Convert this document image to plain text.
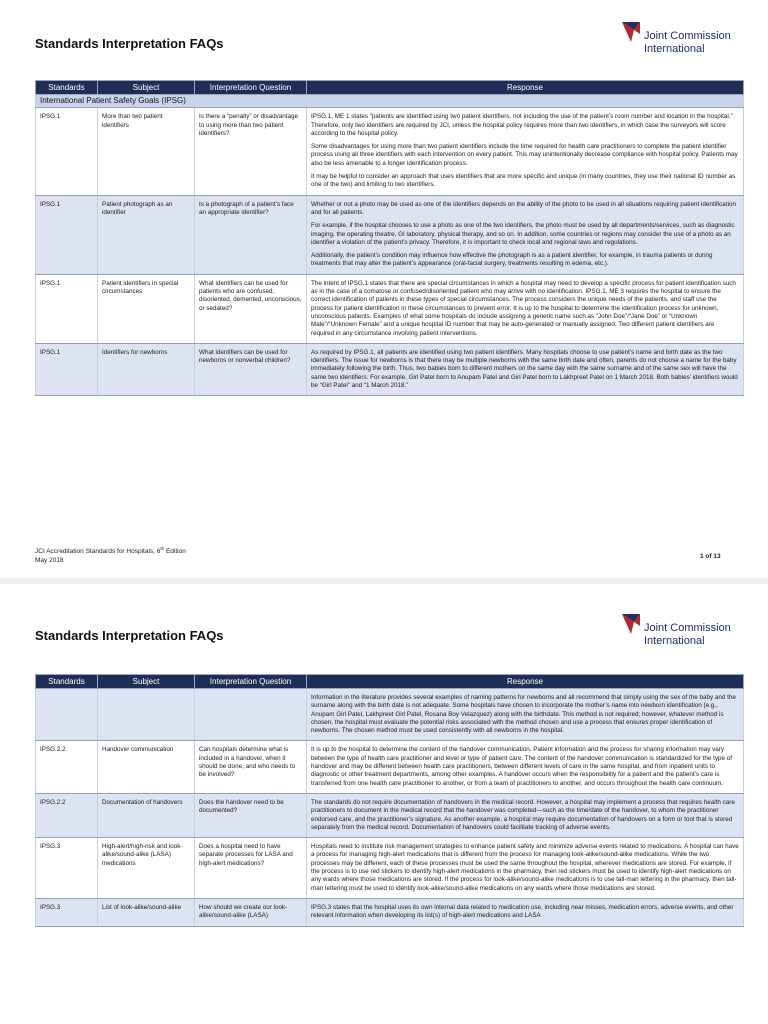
Standards Interpretation FAQs	Joint Commission
International
Standards	Subject	Interpretation Question	Response
International Patient Safety Goals (IPSG)			
IPSG.1	More than two patient identifiers	Is there a “penalty” or disadvantage to using more than two patient identifiers?	IPSG.1, ME 1 states “patients are identified using two patient identifiers, not including the use of the patient’s room number and location in the hospital.” Therefore, only two identifiers are required by JCI, unless the hospital policy requires more than two identifiers, in which case the surveyors will score according to the hospital policy.

Some disadvantages for using more than two patient identifiers include the time required for health care practitioners to complete the patient identifier process using all three identifiers with each intervention on every patient. This may unintentionally decrease compliance with hospital policy. Patients may also be less amenable to a longer identification process.

It may be helpful to consider an approach that uses identifiers that are more specific and unique (in many countries, they use their national ID number as one of the two) and limiting to two identifiers.

IPSG.1	Patient photograph as an identifier	Is a photograph of a patient’s face an appropriate identifier?	Whether or not a photo may be used as one of the identifiers depends on the ability of the photo to be used in all situations requiring patient identification and for all patients.

For example, if the hospital chooses to use a photo as one of the two identifiers, the photo must be used by all departments/services, such as diagnostic imaging, the operating theatre, GI laboratory, physical therapy, and so on. In addition, some countries or regions may consider the use of a photo as an identifier a violation of the patient’s privacy. Therefore, it is important to check local and regional laws and regulations.

Additionally, the patient’s condition may influence how effective the photograph is as a patient identifier, for example, in trauma patients or during treatments that may alter the patient’s appearance (oral-facial surgery, treatments resulting in edema, etc.).

IPSG.1	Patient identifiers in special circumstances	What identifiers can be used for patients who are confused, disoriented, demented, unconscious, or sedated?	The intent of IPSG.1 states that there are special circumstances in which a hospital may need to develop a specific process for patient identification such as in the case of a comatose or confused/disoriented patient who may arrive with no identification. IPSG.1, ME 3 requires the hospital to ensure the correct identification of patients in these types of special circumstances. The process considers the unique needs of the patients, and staff use the process for patient identification in these circumstances to prevent error. It is up to the hospital to determine the identification process for unknown, unconscious patients. Examples of what some hospitals do include assigning a generic name such as “John Doe”/“Jane Doe” or “Unknown Male”/“Unknown Female” and a unique hospital ID number that may be auto-generated or manually assigned. Two different patient identifiers are required in any circumstance involving patient interventions.

IPSG.1	Identifiers for newborns	What identifiers can be used for newborns or nonverbal children?	As required by IPSG.1, all patients are identified using two patient identifiers. Many hospitals choose to use patient’s name and birth date as the two identifiers. The issue for newborns is that there may be multiple newborns with the same birth date and often, parents do not choose a name for the baby immediately following the birth. Thus, two babies born to different mothers on the same day with the same surname and of the same sex will have the same two identifiers. For example, Girl Patel born to Anupam Patel and Girl Patel born to Lakhpreet Patel on 1 March 2018. Both babies’ identifiers would be “Girl Patel” and “1 March 2018.”

JCI Accreditation Standards for Hospitals, 6th Edition
May 2018
1 of 13
Standards Interpretation FAQs	Joint Commission
International
Standards	Subject	Interpretation Question	Response

			Information in the literature provides several examples of naming patterns for newborns and all recommend that simply using the sex of the baby and the surname along with the birth date is not adequate. Some hospitals have chosen to incorporate the mother’s name into newborn identification (e.g., Anupam Girl Patel, Lakhpreet Girl Patel, Rosana Boy Velazquez) along with the birthdate. This method is not required; however, whatever method is chosen, the hospital must evaluate the potential risks associated with the method chosen and use a process that ensures proper identification of newborns. The chosen method must be used consistently with all newborns in the hospital.

IPSG.2.2	Handover communication	Can hospitals determine what is included in a handover, when it should be done, and who needs to be involved?	It is up to the hospital to determine the content of the handover communication. Patient information and the process for sharing information may vary between the type of health care practitioner and level or type of patient care. The content of the handover communication is standardized for the type of handover and may be different between health care practitioners, between different levels of care in the same hospital, and from inpatient units to diagnostic or other treatment departments, among other examples. A handover occurs when the responsibility for a patient and the patient’s care is transferred from one health care practitioner to another, or from a team of practitioners to another, and occurs throughout the health care continuum.

IPSG.2.2	Documentation of handovers	Does the handover need to be documented?	The standards do not require documentation of handovers in the medical record. However, a hospital may implement a process that requires health care practitioners to document in the medical record that the handover was completed—such as the time/date of the handover, to whom the practitioner endorsed care, and the practitioner’s signature. As another example, a hospital may require documentation of handovers on a form or tool that is stored separately from the medical record. Documentation of handovers could facilitate tracking of adverse events.

IPSG.3	High-alert/high-risk and look-alike/sound-alike (LASA) medications	Does a hospital need to have separate processes for LASA and high-alert medications?	Hospitals need to institute risk management strategies to enhance patient safety and minimize adverse events related to medications. A hospital can have a process for managing high-alert medications that is different from the process for managing look-alike/sound-alike medications. While the two processes may be different, each of these processes must be used the same throughout the hospital, wherever medications are stored. For example, if the process is to use red stickers to identify high-alert medications in the pharmacy, then red stickers must be used to identify high-alert medications on any wards where those medications are stored. If the process for look-alike/sound-alike medications is to use tall-man lettering in the pharmacy, then tall-man lettering must be used to identify look-alike/sound-alike medications on any wards where those medications are stored.

IPSG.3	List of look-alike/sound-alike	How should we create our look-alike/sound-alike (LASA)	IPSG.3 states that the hospital uses its own internal data related to medication use, including near misses, medication errors, adverse events, and other relevant information when developing its list(s) of high-alert medications and LASA
